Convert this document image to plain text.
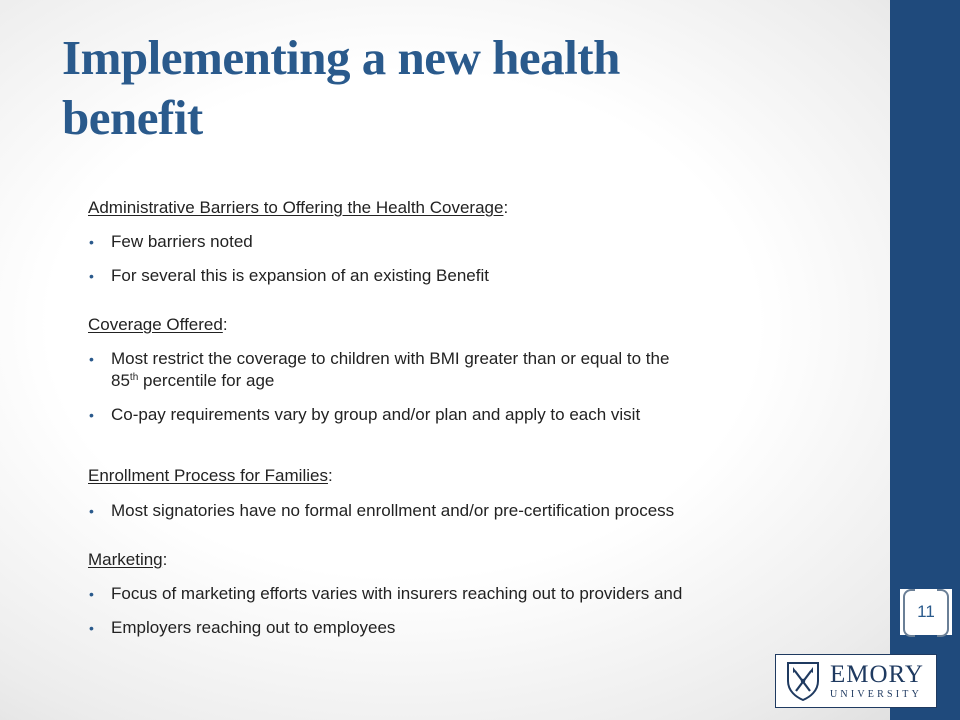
Implementing a new health
benefit
Administrative Barriers to Offering the Health Coverage:
• Few barriers noted
• For several this is expansion of an existing Benefit
Coverage Offered:
• Most restrict the coverage to children with BMI greater than or equal to the
85th percentile for age
• Co-pay requirements vary by group and/or plan and apply to each visit
Enrollment Process for Families:
• Most signatories have no formal enrollment and/or pre-certification process
Marketing:
• Focus of marketing efforts varies with insurers reaching out to providers and
• Employers reaching out to employees
11
EMORY
UNIVERSITY
